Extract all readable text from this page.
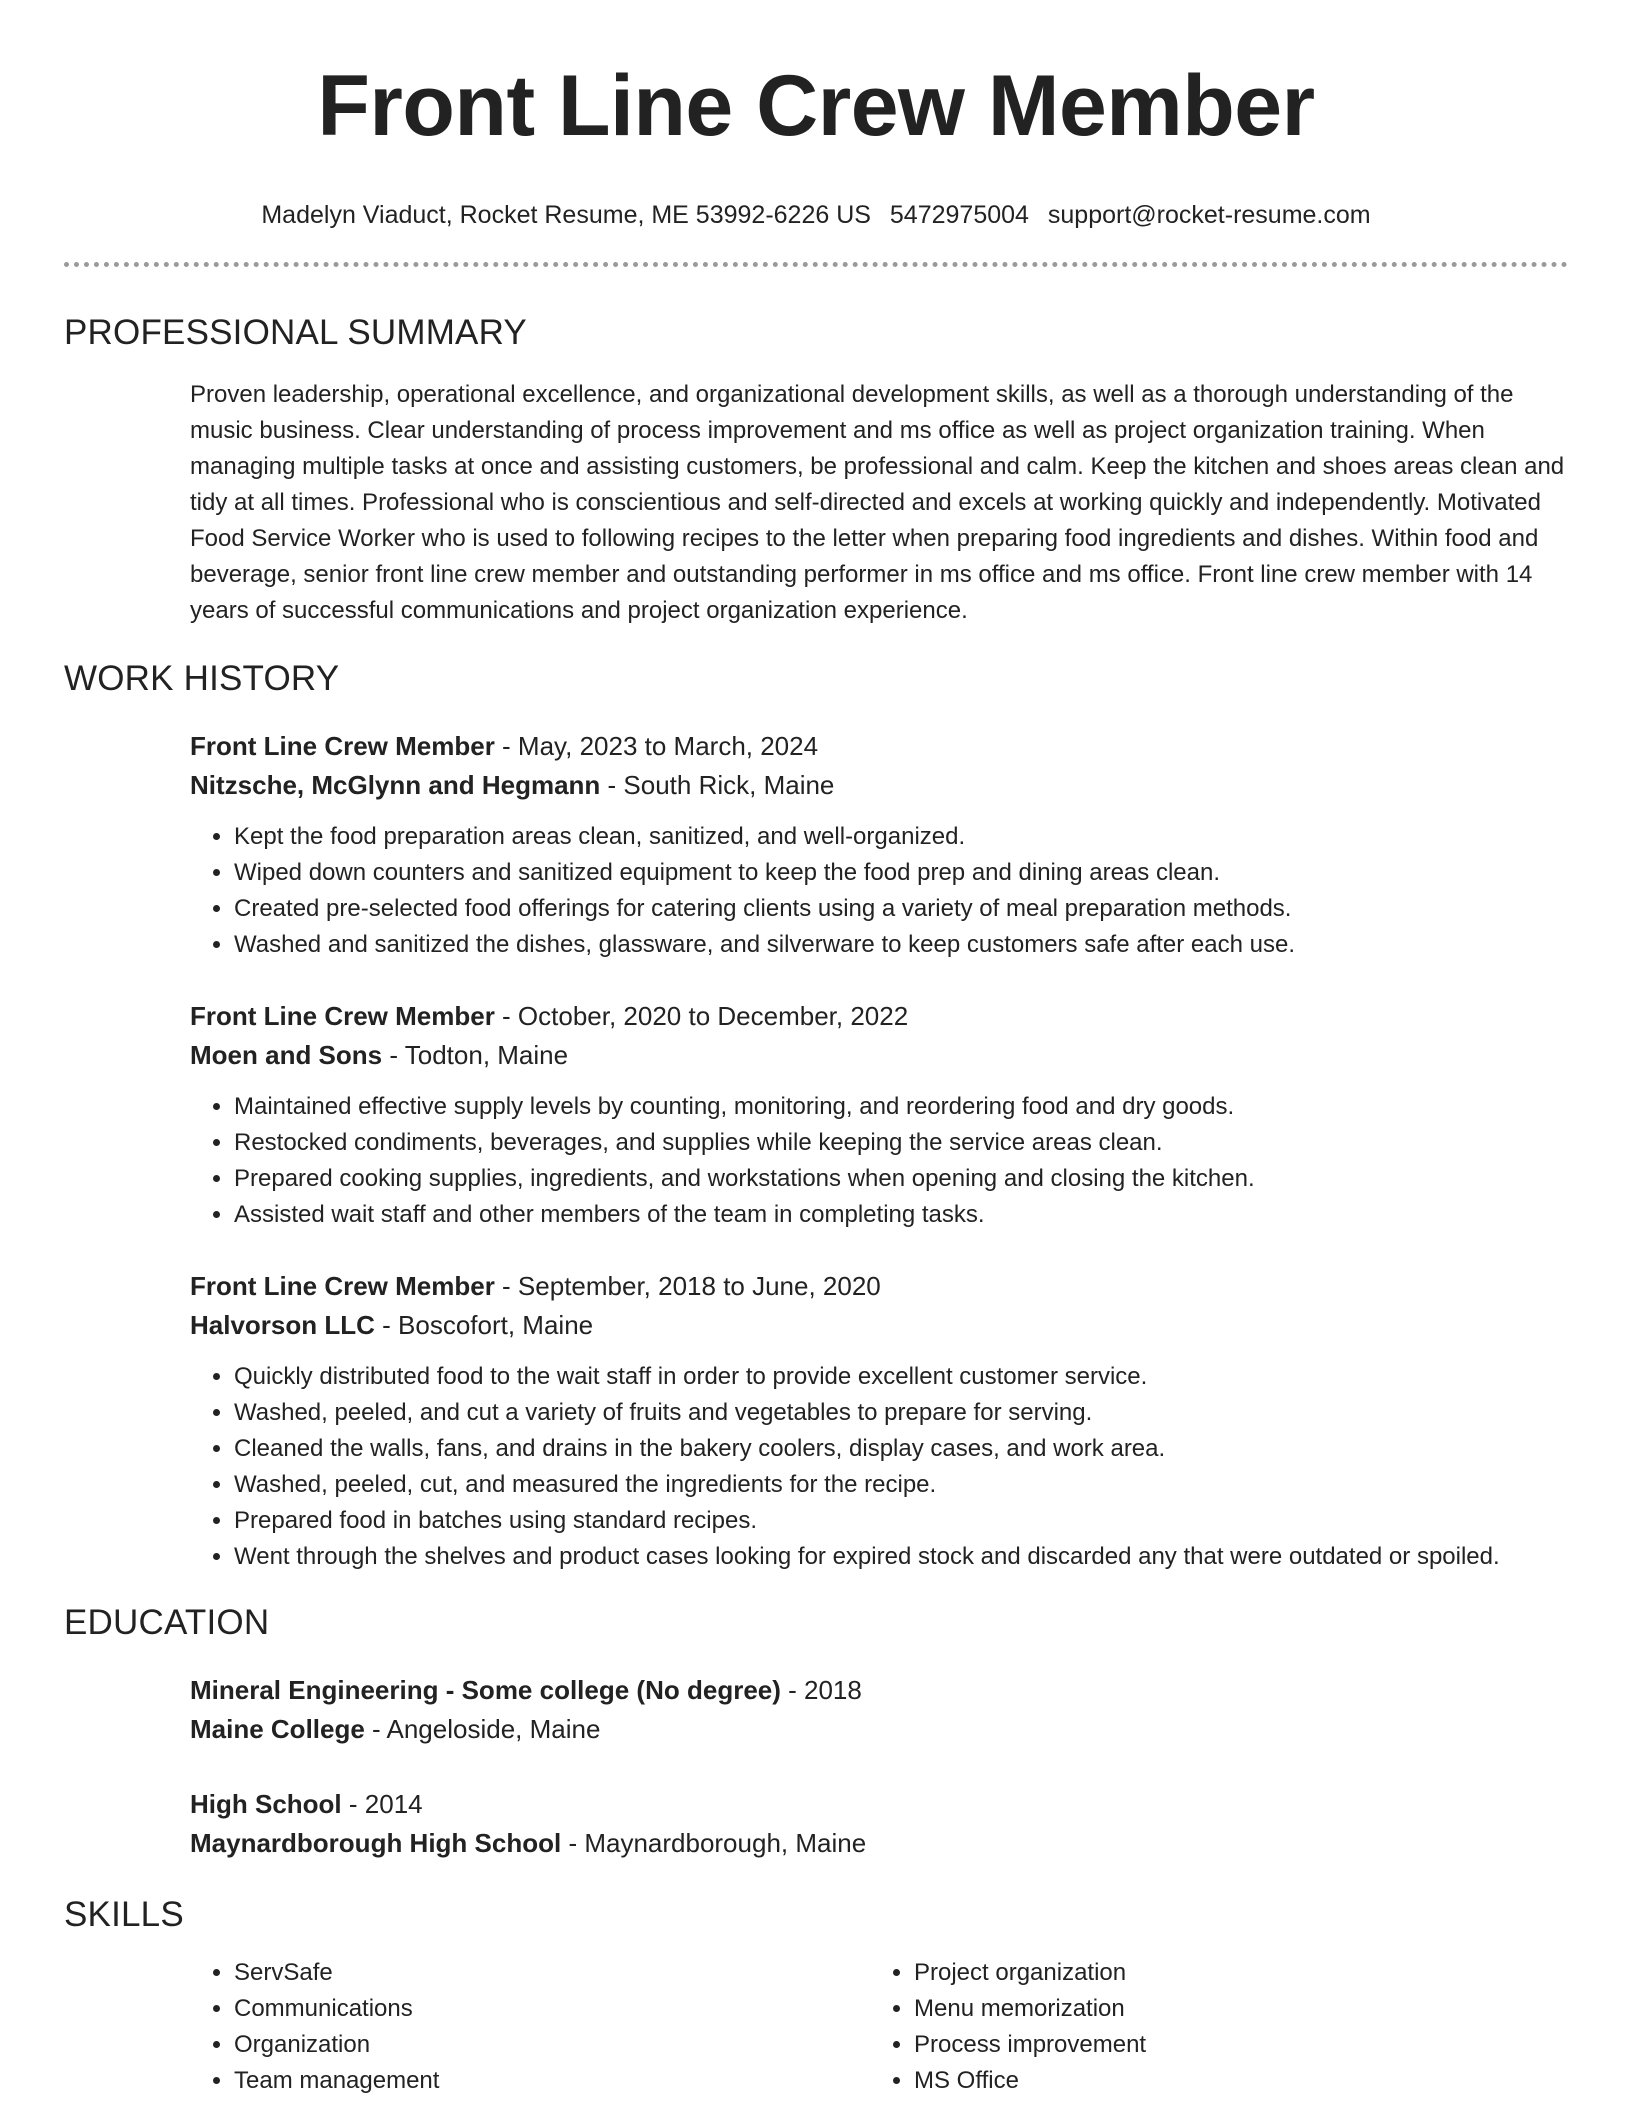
Front Line Crew Member
Madelyn Viaduct, Rocket Resume, ME 53992-6226 US 5472975004 support@rocket-resume.com
PROFESSIONAL SUMMARY
Proven leadership, operational excellence, and organizational development skills, as well as a thorough understanding of the music business. Clear understanding of process improvement and ms office as well as project organization training. When managing multiple tasks at once and assisting customers, be professional and calm. Keep the kitchen and shoes areas clean and tidy at all times. Professional who is conscientious and self-directed and excels at working quickly and independently. Motivated Food Service Worker who is used to following recipes to the letter when preparing food ingredients and dishes. Within food and beverage, senior front line crew member and outstanding performer in ms office and ms office. Front line crew member with 14 years of successful communications and project organization experience.
WORK HISTORY
Front Line Crew Member - May, 2023 to March, 2024
Nitzsche, McGlynn and Hegmann - South Rick, Maine
• Kept the food preparation areas clean, sanitized, and well-organized.
• Wiped down counters and sanitized equipment to keep the food prep and dining areas clean.
• Created pre-selected food offerings for catering clients using a variety of meal preparation methods.
• Washed and sanitized the dishes, glassware, and silverware to keep customers safe after each use.
Front Line Crew Member - October, 2020 to December, 2022
Moen and Sons - Todton, Maine
• Maintained effective supply levels by counting, monitoring, and reordering food and dry goods.
• Restocked condiments, beverages, and supplies while keeping the service areas clean.
• Prepared cooking supplies, ingredients, and workstations when opening and closing the kitchen.
• Assisted wait staff and other members of the team in completing tasks.
Front Line Crew Member - September, 2018 to June, 2020
Halvorson LLC - Boscofort, Maine
• Quickly distributed food to the wait staff in order to provide excellent customer service.
• Washed, peeled, and cut a variety of fruits and vegetables to prepare for serving.
• Cleaned the walls, fans, and drains in the bakery coolers, display cases, and work area.
• Washed, peeled, cut, and measured the ingredients for the recipe.
• Prepared food in batches using standard recipes.
• Went through the shelves and product cases looking for expired stock and discarded any that were outdated or spoiled.
EDUCATION
Mineral Engineering - Some college (No degree) - 2018
Maine College - Angeloside, Maine
High School - 2014
Maynardborough High School - Maynardborough, Maine
SKILLS
• ServSafe
• Communications
• Organization
• Team management
• Project organization
• Menu memorization
• Process improvement
• MS Office
